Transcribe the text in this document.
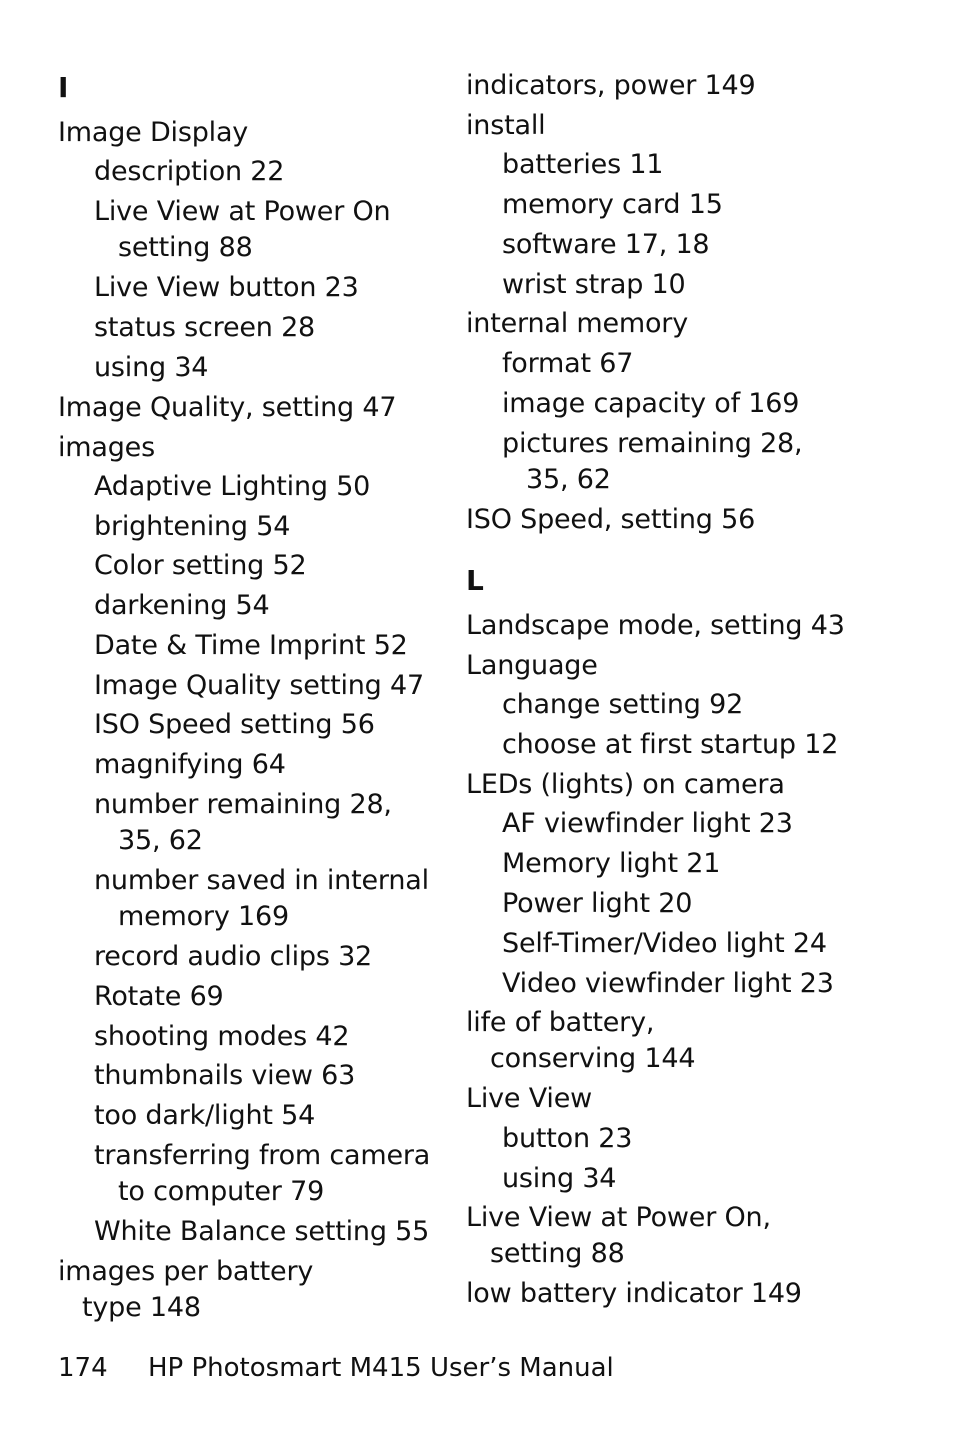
I
Image Display
description 22
Live View at Power On
setting 88
Live View button 23
status screen 28
using 34
Image Quality, setting 47
images
Adaptive Lighting 50
brightening 54
Color setting 52
darkening 54
Date & Time Imprint 52
Image Quality setting 47
ISO Speed setting 56
magnifying 64
number remaining 28,
35, 62
number saved in internal
memory 169
record audio clips 32
Rotate 69
shooting modes 42
thumbnails view 63
too dark/light 54
transferring from camera
to computer 79
White Balance setting 55
images per battery
type 148
indicators, power 149
install
batteries 11
memory card 15
software 17, 18
wrist strap 10
internal memory
format 67
image capacity of 169
pictures remaining 28,
35, 62
ISO Speed, setting 56
L
Landscape mode, setting 43
Language
change setting 92
choose at first startup 12
LEDs (lights) on camera
AF viewfinder light 23
Memory light 21
Power light 20
Self-Timer/Video light 24
Video viewfinder light 23
life of battery,
conserving 144
Live View
button 23
using 34
Live View at Power On,
setting 88
low battery indicator 149
174 HP Photosmart M415 User’s Manual
